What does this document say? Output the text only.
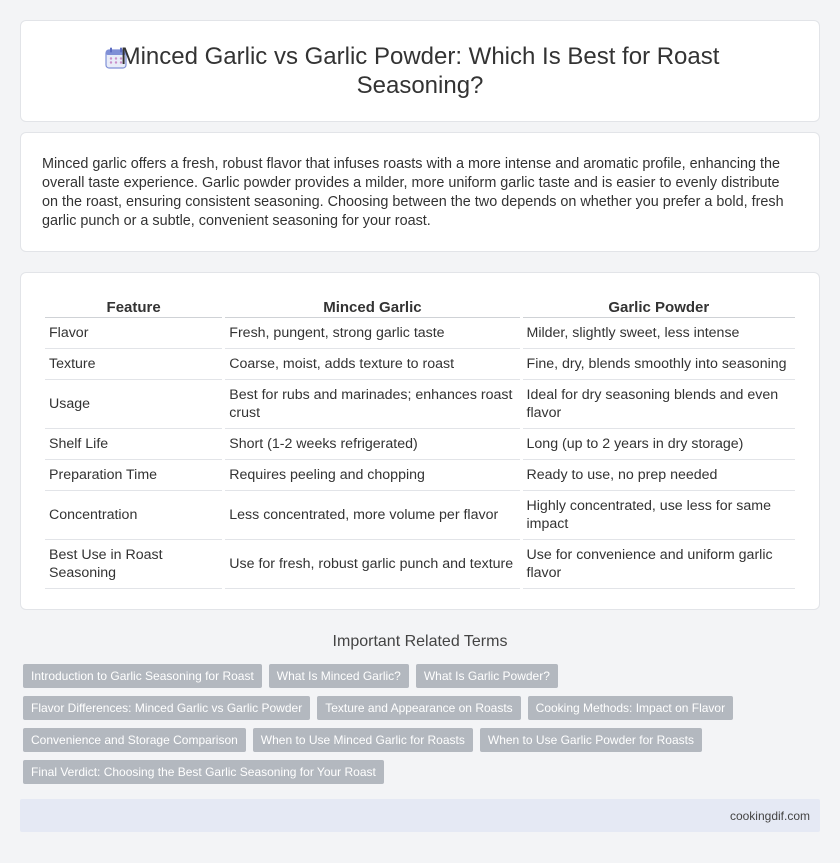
Minced Garlic vs Garlic Powder: Which Is Best for Roast Seasoning?

Minced garlic offers a fresh, robust flavor that infuses roasts with a more intense and aromatic profile, enhancing the overall taste experience. Garlic powder provides a milder, more uniform garlic taste and is easier to evenly distribute on the roast, ensuring consistent seasoning. Choosing between the two depends on whether you prefer a bold, fresh garlic punch or a subtle, convenient seasoning for your roast.

Feature	Minced Garlic	Garlic Powder
Flavor	Fresh, pungent, strong garlic taste	Milder, slightly sweet, less intense
Texture	Coarse, moist, adds texture to roast	Fine, dry, blends smoothly into seasoning
Usage	Best for rubs and marinades; enhances roast crust	Ideal for dry seasoning blends and even flavor
Shelf Life	Short (1-2 weeks refrigerated)	Long (up to 2 years in dry storage)
Preparation Time	Requires peeling and chopping	Ready to use, no prep needed
Concentration	Less concentrated, more volume per flavor	Highly concentrated, use less for same impact
Best Use in Roast Seasoning	Use for fresh, robust garlic punch and texture	Use for convenience and uniform garlic flavor
Important Related Terms
Introduction to Garlic Seasoning for Roast	What Is Minced Garlic?	What Is Garlic Powder?
Flavor Differences: Minced Garlic vs Garlic Powder	Texture and Appearance on Roasts	Cooking Methods: Impact on Flavor
Convenience and Storage Comparison	When to Use Minced Garlic for Roasts	When to Use Garlic Powder for Roasts
Final Verdict: Choosing the Best Garlic Seasoning for Your Roast
cookingdif.com
